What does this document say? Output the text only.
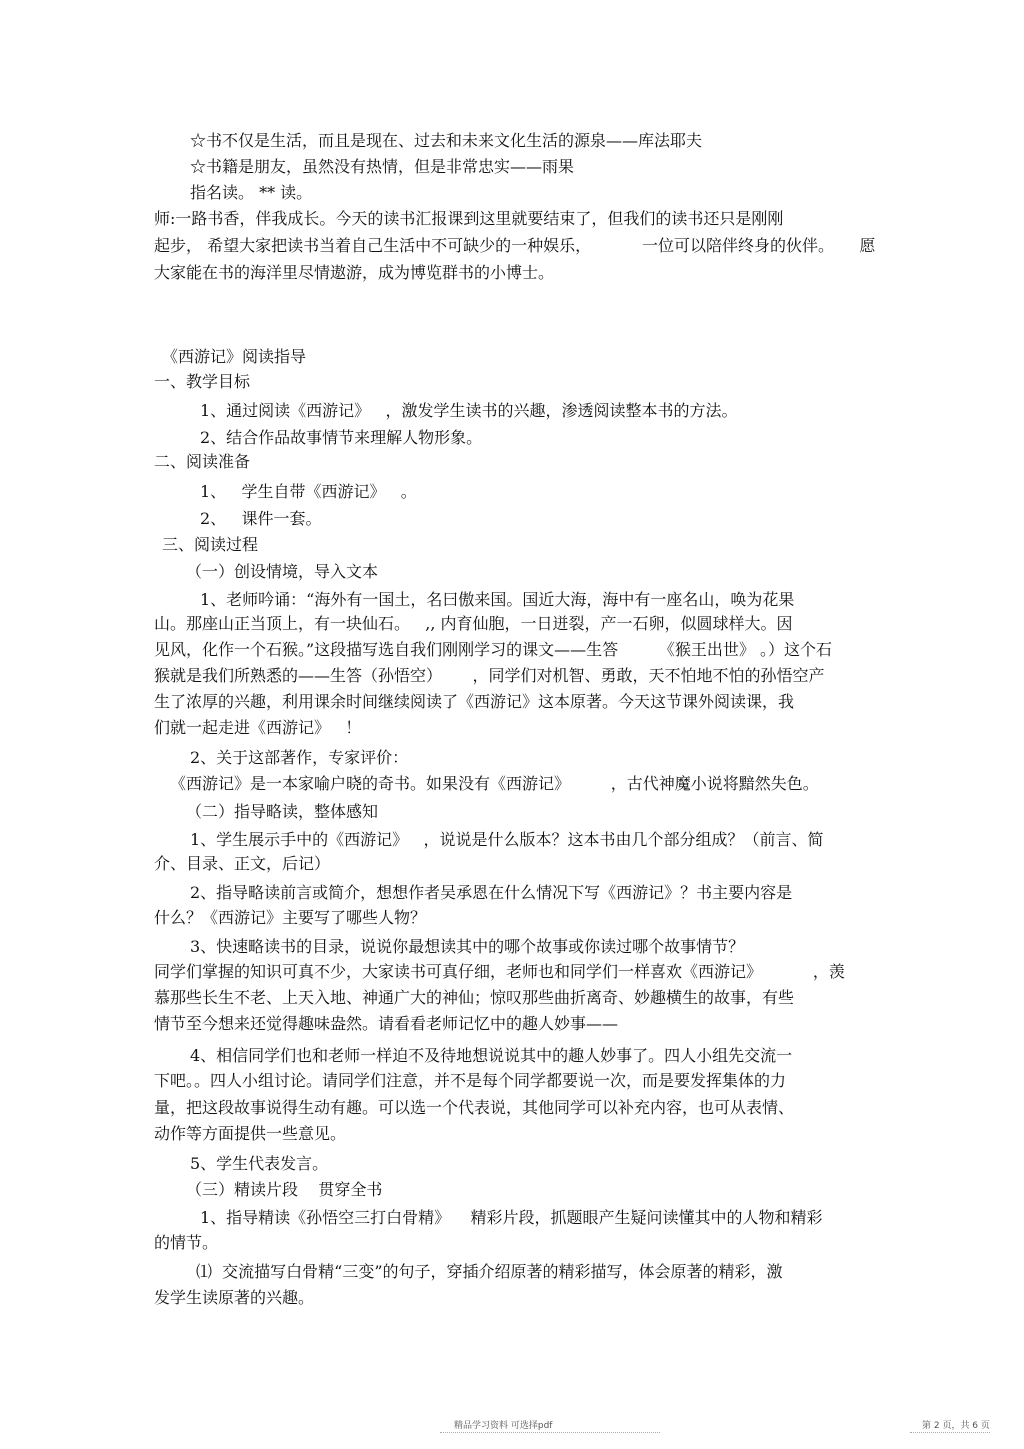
☆书不仅是生活，而且是现在、过去和未来文化生活的源泉——库法耶夫
☆书籍是朋友，虽然没有热情，但是非常忠实——雨果
指名读。 ** 读。
师:一路书香，伴我成长。今天的读书汇报课到这里就要结束了，但我们的读书还只是刚刚
起步， 希望大家把读书当着自己生活中不可缺少的一种娱乐，          一位可以陪伴终身的伙伴。     愿
大家能在书的海洋里尽情遨游，成为博览群书的小博士。
《西游记》阅读指导
一、教学目标
1、通过阅读《西游记》   ，激发学生读书的兴趣，渗透阅读整本书的方法。
2、结合作品故事情节来理解人物形象。
二、阅读准备
1、   学生自带《西游记》   。
2、   课件一套。
三、阅读过程
（一）创设情境，导入文本
1、老师吟诵：“海外有一国土，名曰傲来国。国近大海，海中有一座名山，唤为花果
山。那座山正当顶上，有一块仙石。   ,, 内育仙胞，一日迸裂，产一石卵，似圆球样大。因
见风，化作一个石猴。”这段描写选自我们刚刚学习的课文——生答        《猴王出世》 。）这个石
猴就是我们所熟悉的——生答（孙悟空）      ，同学们对机智、勇敢，天不怕地不怕的孙悟空产
生了浓厚的兴趣，利用课余时间继续阅读了《西游记》这本原著。今天这节课外阅读课，我
们就一起走进《西游记》   ！
2、关于这部著作，专家评价：
《西游记》是一本家喻户晓的奇书。如果没有《西游记》        ，古代神魔小说将黯然失色。
（二）指导略读，整体感知
1、学生展示手中的《西游记》   ，说说是什么版本？这本书由几个部分组成？（前言、简
介、目录、正文，后记）
2、指导略读前言或简介，想想作者吴承恩在什么情况下写《西游记》？书主要内容是
什么？《西游记》主要写了哪些人物？
3、快速略读书的目录，说说你最想读其中的哪个故事或你读过哪个故事情节？
同学们掌握的知识可真不少，大家读书可真仔细，老师也和同学们一样喜欢《西游记》          ，羡
慕那些长生不老、上天入地、神通广大的神仙；惊叹那些曲折离奇、妙趣横生的故事，有些
情节至今想来还觉得趣味盎然。请看看老师记忆中的趣人妙事——
4、相信同学们也和老师一样迫不及待地想说说其中的趣人妙事了。四人小组先交流一
下吧。。四人小组讨论。请同学们注意，并不是每个同学都要说一次，而是要发挥集体的力
量，把这段故事说得生动有趣。可以选一个代表说，其他同学可以补充内容，也可从表情、
动作等方面提供一些意见。
5、学生代表发言。
（三）精读片段    贯穿全书
1、指导精读《孙悟空三打白骨精》    精彩片段，抓题眼产生疑问读懂其中的人物和精彩
的情节。
⑴  交流描写白骨精“三变”的句子，穿插介绍原著的精彩描写，体会原著的精彩，激
发学生读原著的兴趣。
精品学习资料 可选择pdf	第 2 页，共 6 页
